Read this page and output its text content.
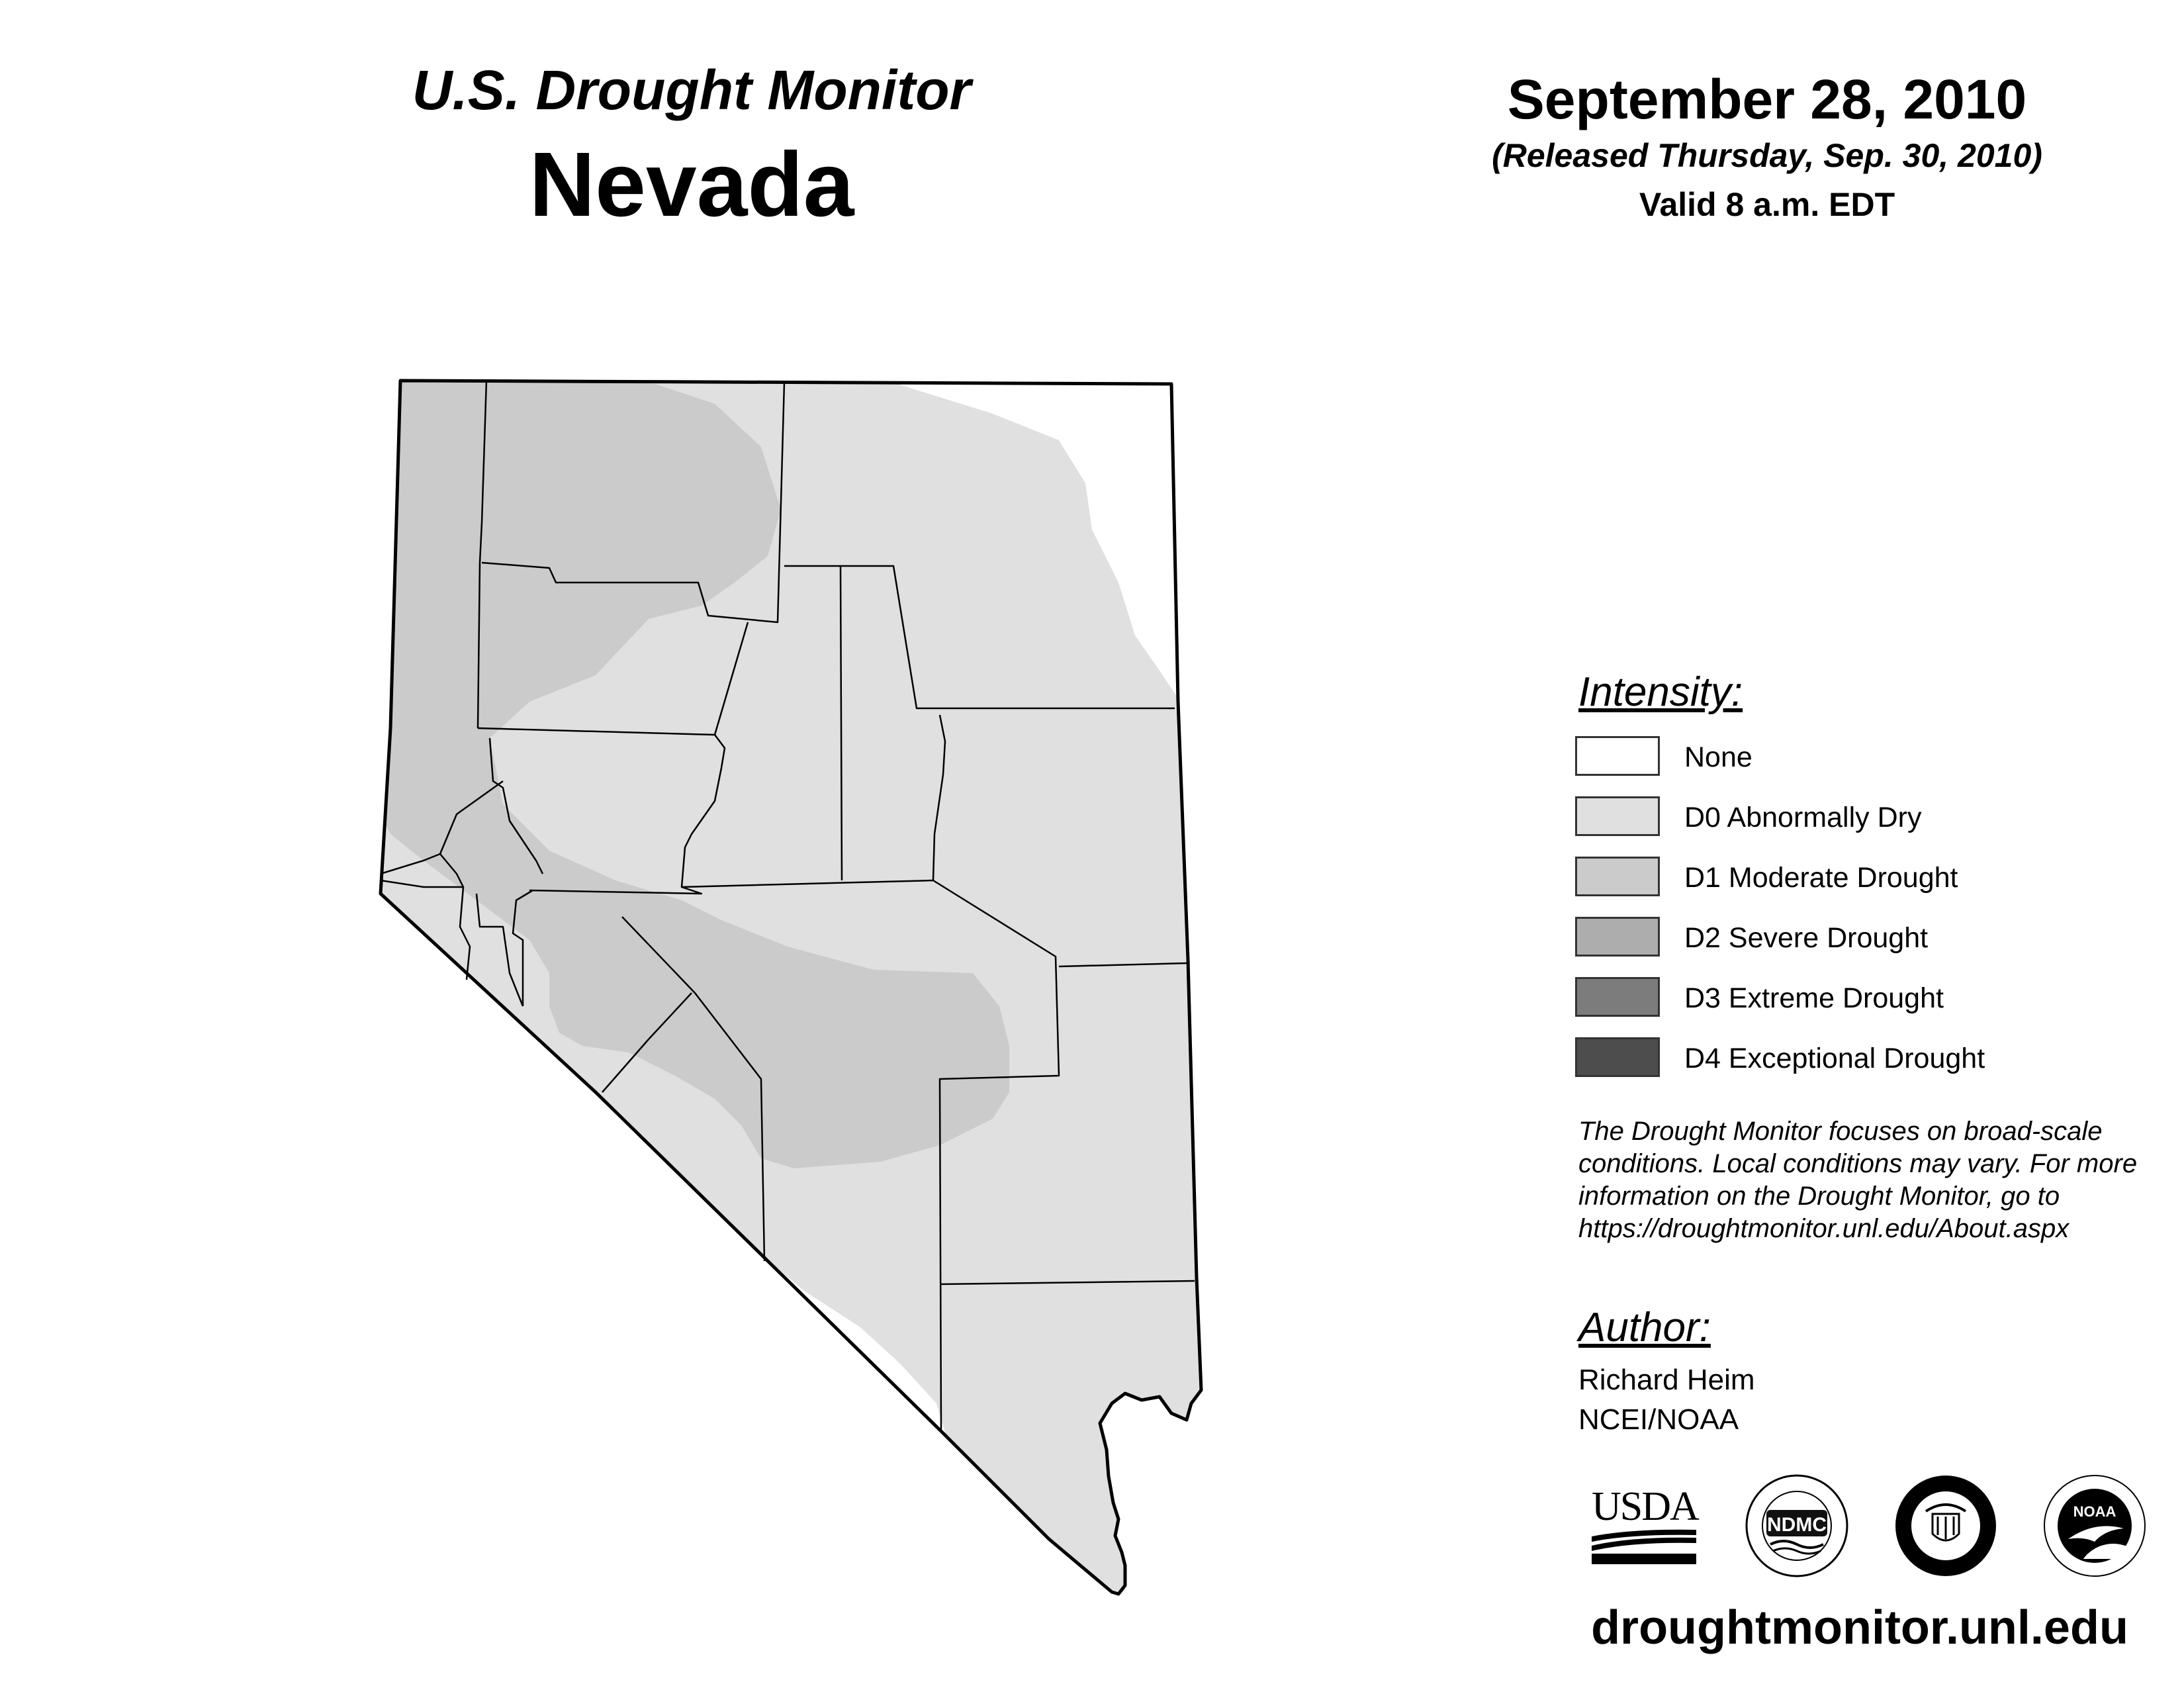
U.S. Drought Monitor
Nevada
September 28, 2010
(Released Thursday, Sep. 30, 2010)
Valid 8 a.m. EDT
Intensity:
None
D0 Abnormally Dry
D1 Moderate Drought
D2 Severe Drought
D3 Extreme Drought
D4 Exceptional Drought
The Drought Monitor focuses on broad-scale conditions. Local conditions may vary. For more information on the Drought Monitor, go to https://droughtmonitor.unl.edu/About.aspx
Author:
Richard Heim
NCEI/NOAA
USDA	NDMC
NOAA
droughtmonitor.unl.edu
